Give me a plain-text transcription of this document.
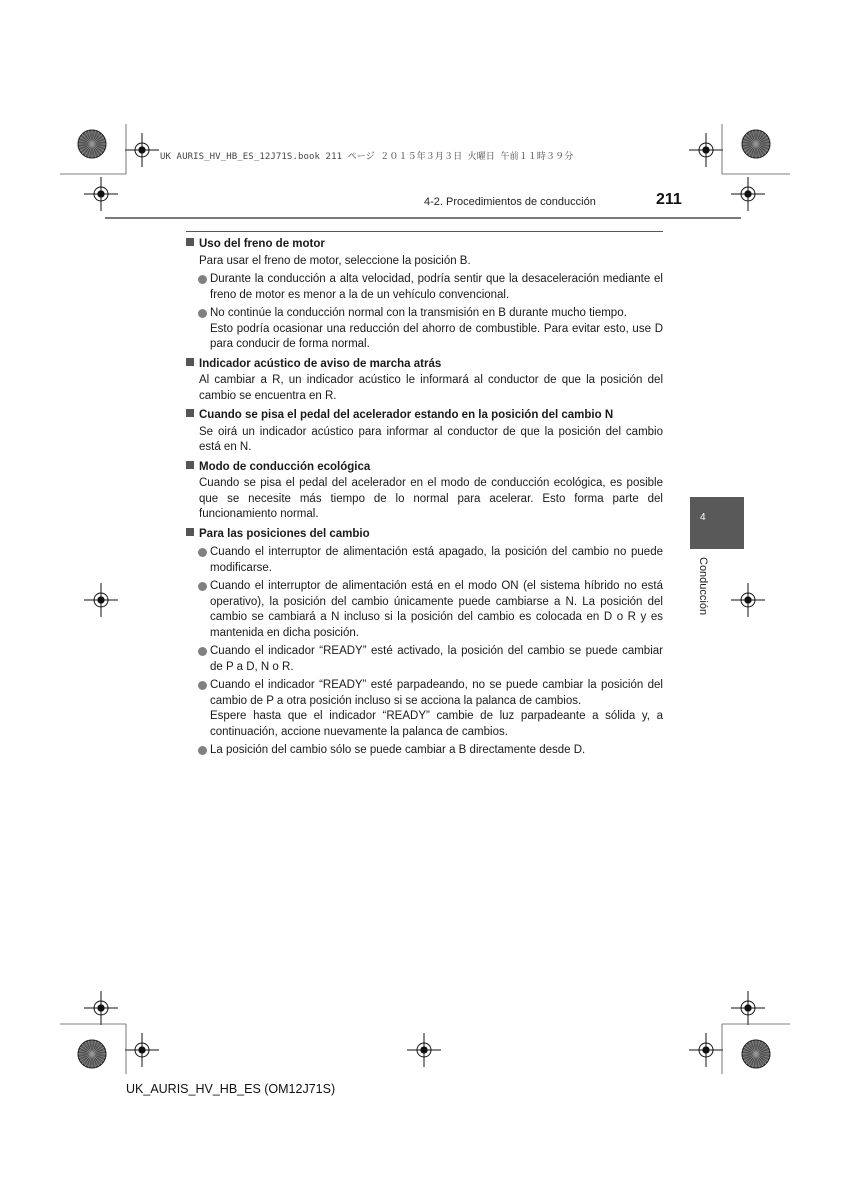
UK AURIS_HV_HB_ES_12J71S.book 211 ページ ２０１５年３月３日 火曜日 午前１１時３９分
4-2. Procedimientos de conducción	211
Uso del freno de motor
Para usar el freno de motor, seleccione la posición B.
Durante la conducción a alta velocidad, podría sentir que la desaceleración mediante el freno de motor es menor a la de un vehículo convencional.
No continúe la conducción normal con la transmisión en B durante mucho tiempo.
Esto podría ocasionar una reducción del ahorro de combustible. Para evitar esto, use D para conducir de forma normal.
Indicador acústico de aviso de marcha atrás
Al cambiar a R, un indicador acústico le informará al conductor de que la posición del cambio se encuentra en R.
Cuando se pisa el pedal del acelerador estando en la posición del cambio N
Se oirá un indicador acústico para informar al conductor de que la posición del cambio está en N.
Modo de conducción ecológica
Cuando se pisa el pedal del acelerador en el modo de conducción ecológica, es posible que se necesite más tiempo de lo normal para acelerar. Esto forma parte del funcionamiento normal.
Para las posiciones del cambio
Cuando el interruptor de alimentación está apagado, la posición del cambio no puede modificarse.
Cuando el interruptor de alimentación está en el modo ON (el sistema híbrido no está operativo), la posición del cambio únicamente puede cambiarse a N. La posición del cambio se cambiará a N incluso si la posición del cambio es colocada en D o R y es mantenida en dicha posición.
Cuando el indicador “READY” esté activado, la posición del cambio se puede cambiar de P a D, N o R.
Cuando el indicador “READY” esté parpadeando, no se puede cambiar la posición del cambio de P a otra posición incluso si se acciona la palanca de cambios.
Espere hasta que el indicador “READY” cambie de luz parpadeante a sólida y, a continuación, accione nuevamente la palanca de cambios.
La posición del cambio sólo se puede cambiar a B directamente desde D.
4
Conducción
UK_AURIS_HV_HB_ES (OM12J71S)
